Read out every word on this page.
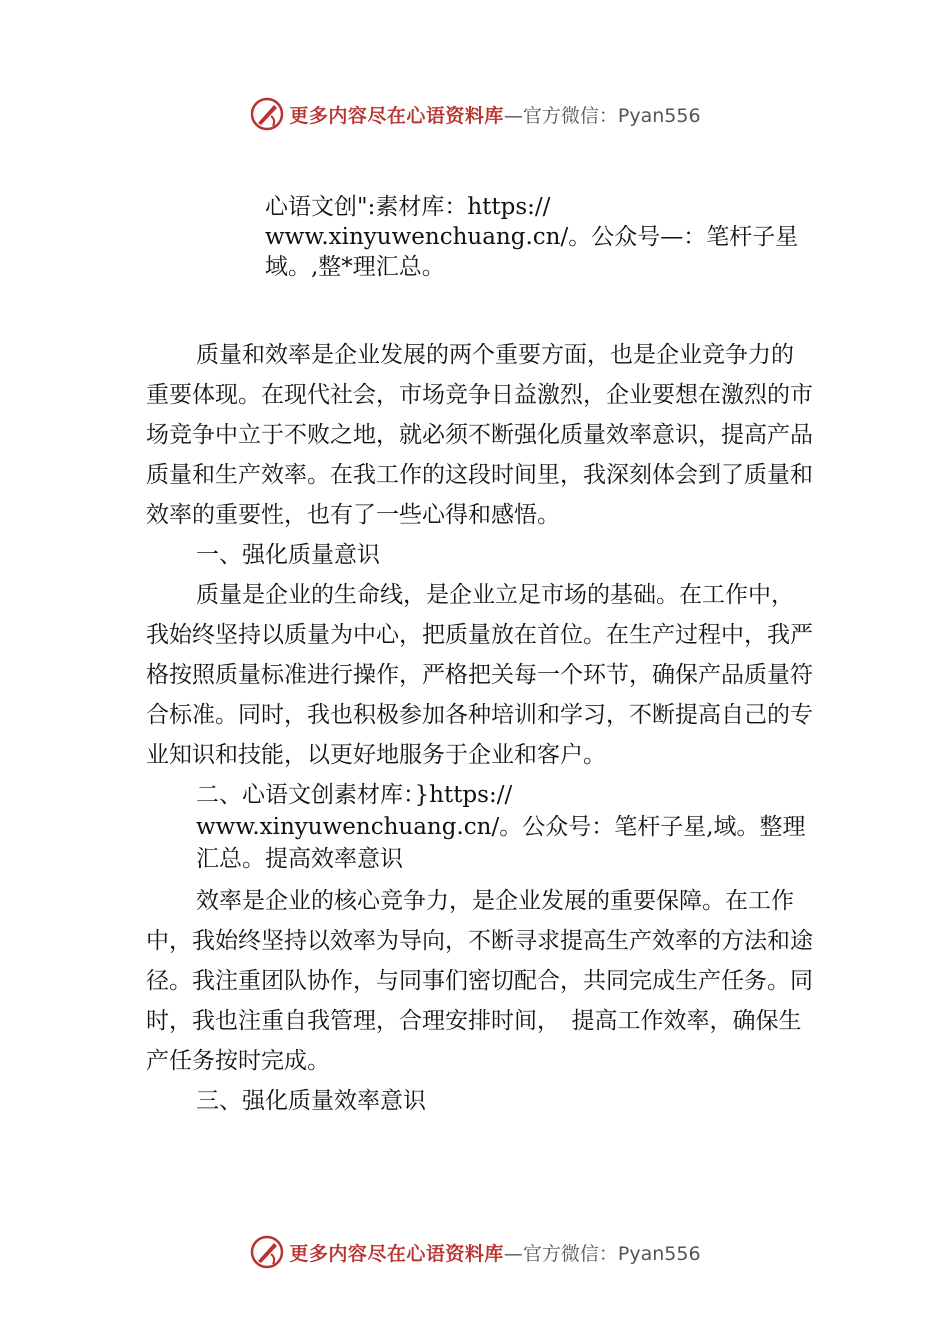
更多内容尽在心语资料库 —官方微信：Pyan556
心语文创":素材库：https://
www.xinyuwenchuang.cn/。公众号—：笔杆子星
域。,整*理汇总。

质量和效率是企业发展的两个重要方面，也是企业竞争力的重要体现。在现代社会，市场竞争日益激烈，企业要想在激烈的市场竞争中立于不败之地，就必须不断强化质量效率意识，提高产品质量和生产效率。在我工作的这段时间里，我深刻体会到了质量和效率的重要性，也有了一些心得和感悟。

一、强化质量意识

质量是企业的生命线，是企业立足市场的基础。在工作中，我始终坚持以质量为中心，把质量放在首位。在生产过程中，我严格按照质量标准进行操作，严格把关每一个环节，确保产品质量符合标准。同时，我也积极参加各种培训和学习，不断提高自己的专业知识和技能，以更好地服务于企业和客户。

二、心语文创素材库：}https://
www.xinyuwenchuang.cn/。公众号：笔杆子星,域。整理
汇总。提高效率意识

效率是企业的核心竞争力，是企业发展的重要保障。在工作中，我始终坚持以效率为导向，不断寻求提高生产效率的方法和途径。我注重团队协作，与同事们密切配合，共同完成生产任务。同时，我也注重自我管理，合理安排时间，　提高工作效率，确保生产任务按时完成。

三、强化质量效率意识

更多内容尽在心语资料库 —官方微信：Pyan556
